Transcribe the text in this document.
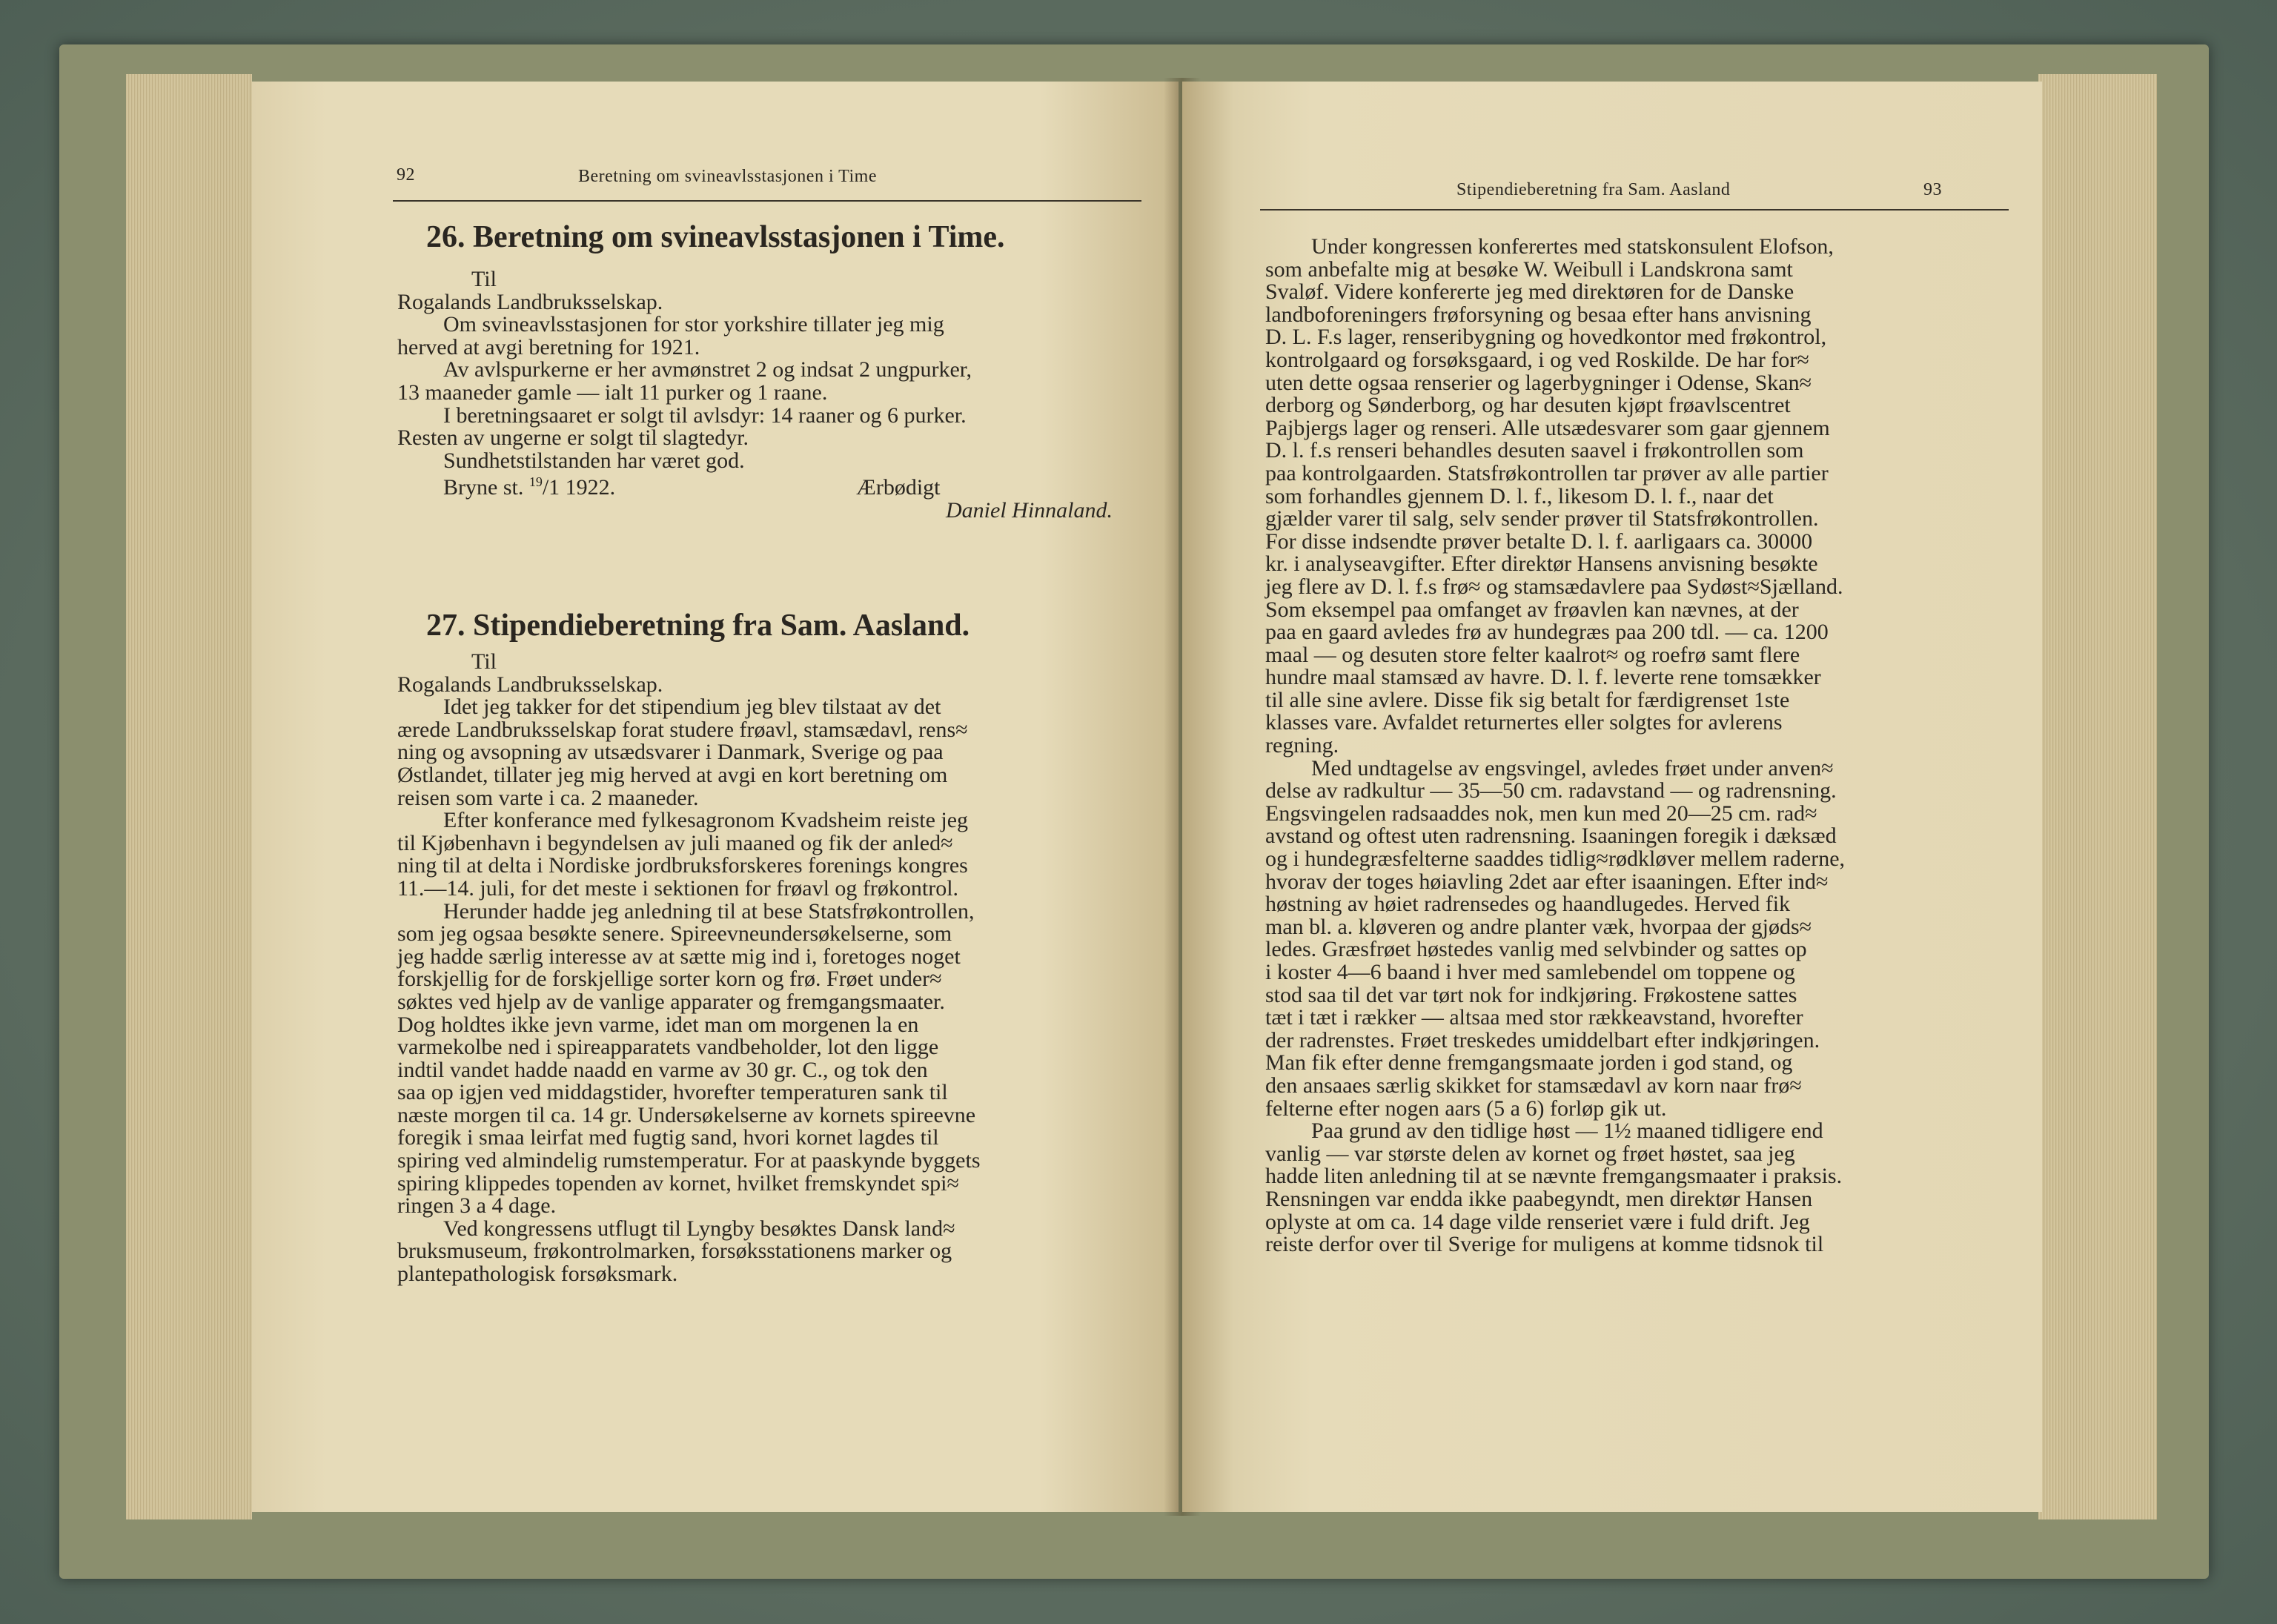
92	Beretning om svineavlsstasjonen i Time
26. Beretning om svineavlsstasjonen i Time.
Til
Rogalands Landbruksselskap.
Om svineavlsstasjonen for stor yorkshire tillater jeg mig
herved at avgi beretning for 1921.
Av avlspurkerne er her avmønstret 2 og indsat 2 ungpurker,
13 maaneder gamle — ialt 11 purker og 1 raane.
I beretningsaaret er solgt til avlsdyr: 14 raaner og 6 purker.
Resten av ungerne er solgt til slagtedyr.
Sundhetstilstanden har været god.
Bryne st. $^{19}$/1 1922.	Ærbødigt
Daniel Hinnaland.
27. Stipendieberetning fra Sam. Aasland.
Til
Rogalands Landbruksselskap.
Idet jeg takker for det stipendium jeg blev tilstaat av det
ærede Landbruksselskap forat studere frøavl, stamsædavl, rens≈
ning og avsopning av utsædsvarer i Danmark, Sverige og paa
Østlandet, tillater jeg mig herved at avgi en kort beretning om
reisen som varte i ca. 2 maaneder.
Efter konferance med fylkesagronom Kvadsheim reiste jeg
til Kjøbenhavn i begyndelsen av juli maaned og fik der anled≈
ning til at delta i Nordiske jordbruksforskeres forenings kongres
11.—14. juli, for det meste i sektionen for frøavl og frøkontrol.
Herunder hadde jeg anledning til at bese Statsfrøkontrollen,
som jeg ogsaa besøkte senere. Spireevneundersøkelserne, som
jeg hadde særlig interesse av at sætte mig ind i, foretoges noget
forskjellig for de forskjellige sorter korn og frø. Frøet under≈
søktes ved hjelp av de vanlige apparater og fremgangsmaater.
Dog holdtes ikke jevn varme, idet man om morgenen la en
varmekolbe ned i spireapparatets vandbeholder, lot den ligge
indtil vandet hadde naadd en varme av 30 gr. C., og tok den
saa op igjen ved middagstider, hvorefter temperaturen sank til
næste morgen til ca. 14 gr. Undersøkelserne av kornets spireevne
foregik i smaa leirfat med fugtig sand, hvori kornet lagdes til
spiring ved almindelig rumstemperatur. For at paaskynde byggets
spiring klippedes topenden av kornet, hvilket fremskyndet spi≈
ringen 3 a 4 dage.
Ved kongressens utflugt til Lyngby besøktes Dansk land≈
bruksmuseum, frøkontrolmarken, forsøksstationens marker og
plantepathologisk forsøksmark.
Stipendieberetning fra Sam. Aasland	93
Under kongressen konferertes med statskonsulent Elofson,
som anbefalte mig at besøke W. Weibull i Landskrona samt
Svaløf. Videre konfererte jeg med direktøren for de Danske
landboforeningers frøforsyning og besaa efter hans anvisning
D. L. F.s lager, renseribygning og hovedkontor med frøkontrol,
kontrolgaard og forsøksgaard, i og ved Roskilde. De har for≈
uten dette ogsaa renserier og lagerbygninger i Odense, Skan≈
derborg og Sønderborg, og har desuten kjøpt frøavlscentret
Pajbjergs lager og renseri. Alle utsædesvarer som gaar gjennem
D. l. f.s renseri behandles desuten saavel i frøkontrollen som
paa kontrolgaarden. Statsfrøkontrollen tar prøver av alle partier
som forhandles gjennem D. l. f., likesom D. l. f., naar det
gjælder varer til salg, selv sender prøver til Statsfrøkontrollen.
For disse indsendte prøver betalte D. l. f. aarligaars ca. 30000
kr. i analyseavgifter. Efter direktør Hansens anvisning besøkte
jeg flere av D. l. f.s frø≈ og stamsædavlere paa Sydøst≈Sjælland.
Som eksempel paa omfanget av frøavlen kan nævnes, at der
paa en gaard avledes frø av hundegræs paa 200 tdl. — ca. 1200
maal — og desuten store felter kaalrot≈ og roefrø samt flere
hundre maal stamsæd av havre. D. l. f. leverte rene tomsækker
til alle sine avlere. Disse fik sig betalt for færdigrenset 1ste
klasses vare. Avfaldet returnertes eller solgtes for avlerens
regning.
Med undtagelse av engsvingel, avledes frøet under anven≈
delse av radkultur — 35—50 cm. radavstand — og radrensning.
Engsvingelen radsaaddes nok, men kun med 20—25 cm. rad≈
avstand og oftest uten radrensning. Isaaningen foregik i dæksæd
og i hundegræsfelterne saaddes tidlig≈rødkløver mellem raderne,
hvorav der toges høiavling 2det aar efter isaaningen. Efter ind≈
høstning av høiet radrensedes og haandlugedes. Herved fik
man bl. a. kløveren og andre planter væk, hvorpaa der gjøds≈
ledes. Græsfrøet høstedes vanlig med selvbinder og sattes op
i koster 4—6 baand i hver med samlebendel om toppene og
stod saa til det var tørt nok for indkjøring. Frøkostene sattes
tæt i tæt i rækker — altsaa med stor rækkeavstand, hvorefter
der radrenstes. Frøet treskedes umiddelbart efter indkjøringen.
Man fik efter denne fremgangsmaate jorden i god stand, og
den ansaaes særlig skikket for stamsædavl av korn naar frø≈
felterne efter nogen aars (5 a 6) forløp gik ut.
Paa grund av den tidlige høst — 1½ maaned tidligere end
vanlig — var største delen av kornet og frøet høstet, saa jeg
hadde liten anledning til at se nævnte fremgangsmaater i praksis.
Rensningen var endda ikke paabegyndt, men direktør Hansen
oplyste at om ca. 14 dage vilde renseriet være i fuld drift. Jeg
reiste derfor over til Sverige for muligens at komme tidsnok til
